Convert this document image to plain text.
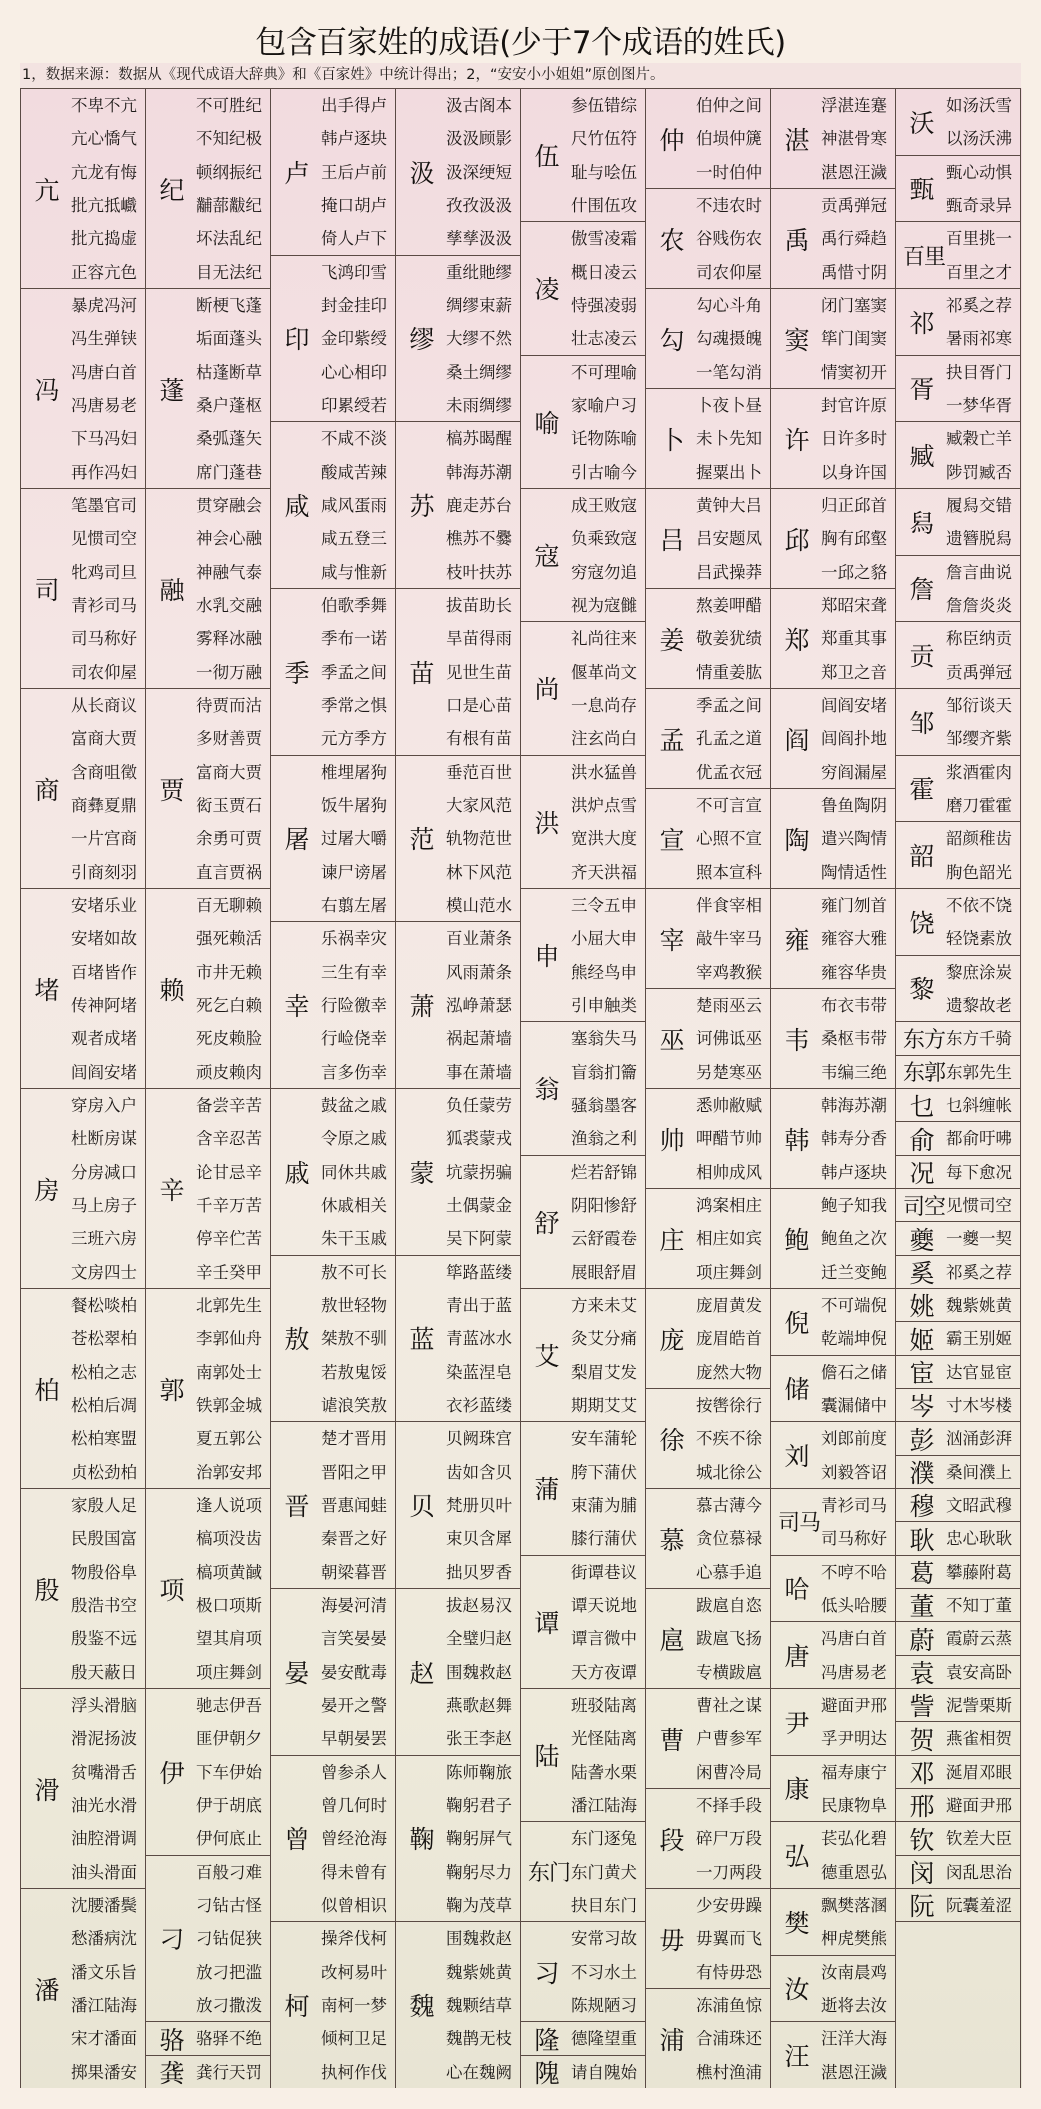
包含百家姓的成语(少于7个成语的姓氏)
1，数据来源：数据从《现代成语大辞典》和《百家姓》中统计得出；2，“安安小小姐姐”原创图片。
亢
不卑不亢
亢心憍气
亢龙有悔
批亢抵巇
批亢捣虚
正容亢色
冯
暴虎冯河
冯生弹铗
冯唐白首
冯唐易老
下马冯妇
再作冯妇
司
笔墨官司
见惯司空
牝鸡司旦
青衫司马
司马称好
司农仰屋
商
从长商议
富商大贾
含商咀徵
商彝夏鼎
一片宫商
引商刻羽
堵
安堵乐业
安堵如故
百堵皆作
传神阿堵
观者成堵
闾阎安堵
房
穿房入户
杜断房谋
分房减口
马上房子
三班六房
文房四士
柏
餐松啖柏
苍松翠柏
松柏之志
松柏后凋
松柏寒盟
贞松劲柏
殷
家殷人足
民殷国富
物殷俗阜
殷浩书空
殷鉴不远
殷天蔽日
滑
浮头滑脑
滑泥扬波
贫嘴滑舌
油光水滑
油腔滑调
油头滑面
潘
沈腰潘鬓
愁潘病沈
潘文乐旨
潘江陆海
宋才潘面
掷果潘安
纪
不可胜纪
不知纪极
顿纲振纪
黼蔀黻纪
坏法乱纪
目无法纪
蓬
断梗飞蓬
垢面蓬头
枯蓬断草
桑户蓬枢
桑弧蓬矢
席门蓬巷
融
贯穿融会
神会心融
神融气泰
水乳交融
雾释冰融
一彻万融
贾
待贾而沽
多财善贾
富商大贾
衒玉贾石
余勇可贾
直言贾祸
赖
百无聊赖
强死赖活
市井无赖
死乞白赖
死皮赖脸
顽皮赖肉
辛
备尝辛苦
含辛忍苦
论甘忌辛
千辛万苦
停辛伫苦
辛壬癸甲
郭
北郭先生
李郭仙舟
南郭处士
铁郭金城
夏五郭公
治郭安邦
项
逢人说项
槁项没齿
槁项黄馘
极口项斯
望其肩项
项庄舞剑
伊
驰志伊吾
匪伊朝夕
下车伊始
伊于胡底
伊何底止
刁
百般刁难
刁钻古怪
刁钻促狭
放刁把滥
放刁撒泼
骆 骆驿不绝
龚 龚行天罚
卢
出手得卢
韩卢逐块
王后卢前
掩口胡卢
倚人卢下
印
飞鸿印雪
封金挂印
金印紫绶
心心相印
印累绶若
咸
不咸不淡
酸咸苦辣
咸风蛋雨
咸五登三
咸与惟新
季
伯歌季舞
季布一诺
季孟之间
季常之惧
元方季方
屠
椎埋屠狗
饭牛屠狗
过屠大嚼
谏尸谤屠
右翦左屠
幸
乐祸幸灾
三生有幸
行险徼幸
行崄侥幸
言多伤幸
戚
鼓盆之戚
令原之戚
同休共戚
休戚相关
朱干玉戚
敖
敖不可长
敖世轻物
桀敖不驯
若敖鬼馁
谑浪笑敖
晋
楚才晋用
晋阳之甲
晋惠闻蛙
秦晋之好
朝梁暮晋
晏
海晏河清
言笑晏晏
晏安酖毒
晏开之警
早朝晏罢
曾
曾参杀人
曾几何时
曾经沧海
得未曾有
似曾相识
柯
操斧伐柯
改柯易叶
南柯一梦
倾柯卫足
执柯作伐
汲
汲古阁本
汲汲顾影
汲深绠短
孜孜汲汲
孳孳汲汲
缪
重纰貤缪
绸缪束薪
大缪不然
桑土绸缪
未雨绸缪
苏
槁苏暍醒
韩海苏潮
鹿走苏台
樵苏不爨
枝叶扶苏
苗
拔苗助长
旱苗得雨
见世生苗
口是心苗
有根有苗
范
垂范百世
大家风范
轨物范世
林下风范
模山范水
萧
百业萧条
风雨萧条
泓峥萧瑟
祸起萧墙
事在萧墙
蒙
负任蒙劳
狐裘蒙戎
坑蒙拐骗
土偶蒙金
吴下阿蒙
蓝
筚路蓝缕
青出于蓝
青蓝冰水
染蓝涅皂
衣衫蓝缕
贝
贝阙珠宫
齿如含贝
梵册贝叶
束贝含犀
拙贝罗香
赵
拔赵易汉
全璧归赵
围魏救赵
燕歌赵舞
张王李赵
鞠
陈师鞠旅
鞠躬君子
鞠躬屏气
鞠躬尽力
鞠为茂草
魏
围魏救赵
魏紫姚黄
魏颗结草
魏鹊无枝
心在魏阙
伍
参伍错综
尺竹伍符
耻与哙伍
什围伍攻
凌
傲雪凌霜
概日凌云
恃强凌弱
壮志凌云
喻
不可理喻
家喻户习
讬物陈喻
引古喻今
寇
成王败寇
负乘致寇
穷寇勿追
视为寇雠
尚
礼尚往来
偃革尚文
一息尚存
注玄尚白
洪
洪水猛兽
洪炉点雪
宽洪大度
齐天洪福
申
三令五申
小屈大申
熊经鸟申
引申触类
翁
塞翁失马
盲翁扪籥
骚翁墨客
渔翁之利
舒
烂若舒锦
阴阳惨舒
云舒霞卷
展眼舒眉
艾
方来未艾
灸艾分痛
梨眉艾发
期期艾艾
蒲
安车蒲轮
胯下蒲伏
束蒲为脯
膝行蒲伏
谭
街谭巷议
谭天说地
谭言微中
天方夜谭
陆
班驳陆离
光怪陆离
陆詟水栗
潘江陆海
东门
东门逐兔
东门黄犬
抉目东门
习
安常习故
不习水土
陈规陋习
隆 德隆望重
隗 请自隗始
仲
伯仲之间
伯埙仲篪
一时伯仲
农
不违农时
谷贱伤农
司农仰屋
勾
勾心斗角
勾魂摄魄
一笔勾消
卜
卜夜卜昼
未卜先知
握粟出卜
吕
黄钟大吕
吕安题凤
吕武操莽
姜
熬姜呷醋
敬姜犹绩
情重姜肱
孟
季孟之间
孔孟之道
优孟衣冠
宣
不可言宣
心照不宣
照本宣科
宰
伴食宰相
敲牛宰马
宰鸡教猴
巫
楚雨巫云
诃佛诋巫
另楚寒巫
帅
悉帅敝赋
呷醋节帅
相帅成风
庄
鸿案相庄
相庄如宾
项庄舞剑
庞
庞眉黄发
庞眉皓首
庞然大物
徐
按辔徐行
不疾不徐
城北徐公
慕
慕古薄今
贪位慕禄
心慕手追
扈
跋扈自恣
跋扈飞扬
专横跋扈
曹
曹社之谋
户曹参军
闲曹冷局
段
不择手段
碎尸万段
一刀两段
毋
少安毋躁
毋翼而飞
有恃毋恐
浦
冻浦鱼惊
合浦珠还
樵村渔浦
湛
浮湛连蹇
神湛骨寒
湛恩汪濊
禹
贡禹弹冠
禹行舜趋
禹惜寸阴
窦
闭门塞窦
筚门闺窦
情窦初开
许
封官许原
日许多时
以身许国
邱
归正邱首
胸有邱壑
一邱之貉
郑
郑昭宋聋
郑重其事
郑卫之音
阎
闾阎安堵
闾阎扑地
穷阎漏屋
陶
鲁鱼陶阴
遣兴陶情
陶情适性
雍
雍门刎首
雍容大雅
雍容华贵
韦
布衣韦带
桑枢韦带
韦编三绝
韩
韩海苏潮
韩寿分香
韩卢逐块
鲍
鲍子知我
鲍鱼之次
迁兰变鲍
倪
不可端倪
乾端坤倪
储
儋石之储
囊漏储中
刘
刘郎前度
刘毅答诏
司马
青衫司马
司马称好
哈
不哼不哈
低头哈腰
唐
冯唐白首
冯唐易老
尹
避面尹邢
孚尹明达
康
福寿康宁
民康物阜
弘
苌弘化碧
德重恩弘
樊
飘樊落溷
柙虎樊熊
汝
汝南晨鸡
逝将去汝
汪
汪洋大海
湛恩汪濊
沃
如汤沃雪
以汤沃沸
甄
甄心动惧
甄奇录异
百里
百里挑一
百里之才
祁
祁奚之荐
暑雨祁寒
胥
抉目胥门
一梦华胥
臧
臧穀亡羊
陟罚臧否
舄
履舄交错
遗簪脱舄
詹
詹言曲说
詹詹炎炎
贡
称臣纳贡
贡禹弹冠
邹
邹衍谈天
邹缨齐紫
霍
浆酒霍肉
磨刀霍霍
韶
韶颜稚齿
朐色韶光
饶
不依不饶
轻饶素放
黎
黎庶涂炭
遗黎故老
东方 东方千骑
东郭 东郭先生
乜 乜斜缠帐
俞 都俞吁咈
况 每下愈况
司空 见惯司空
夔 一夔一契
奚 祁奚之荐
姚 魏紫姚黄
姬 霸王别姬
宦 达官显宦
岑 寸木岑楼
彭 汹涌彭湃
濮 桑间濮上
穆 文昭武穆
耿 忠心耿耿
葛 攀藤附葛
董 不知丁董
蔚 霞蔚云蒸
袁 袁安高卧
訾 泥訾栗斯
贺 燕雀相贺
邓 涎眉邓眼
邢 避面尹邢
钦 钦差大臣
闵 闵乱思治
阮 阮囊羞涩
